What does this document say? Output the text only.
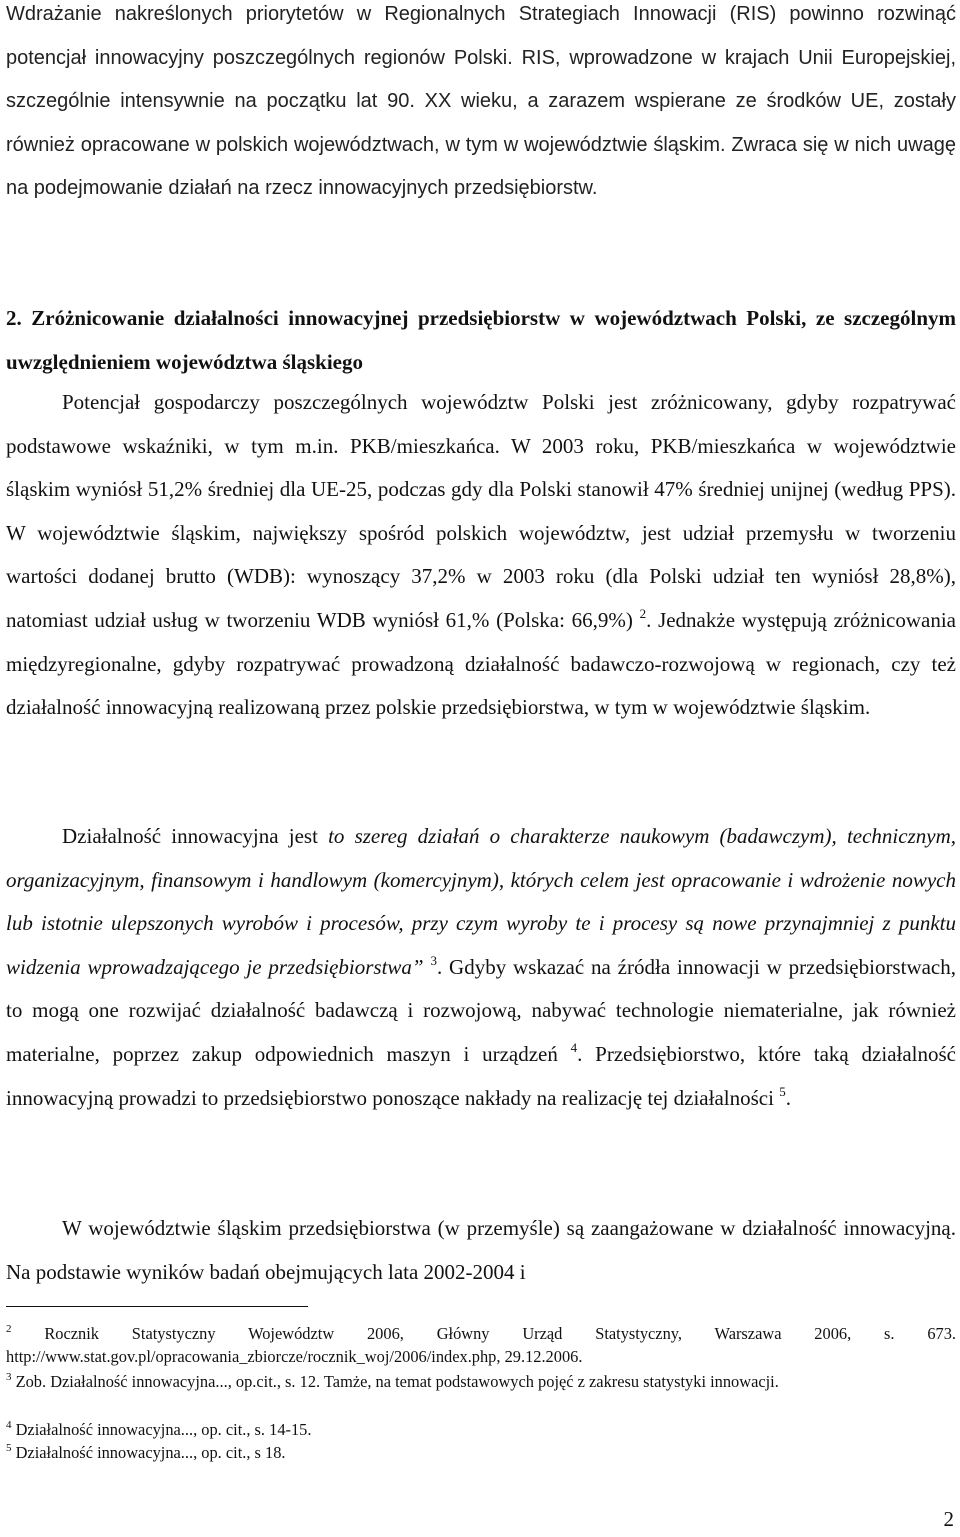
Wdrażanie nakreślonych priorytetów w Regionalnych Strategiach Innowacji (RIS) powinno rozwinąć potencjał innowacyjny poszczególnych regionów Polski. RIS, wprowadzone w krajach Unii Europejskiej, szczególnie intensywnie na początku lat 90. XX wieku, a zarazem wspierane ze środków UE, zostały również opracowane w polskich województwach, w tym w województwie śląskim. Zwraca się w nich uwagę na podejmowanie działań na rzecz innowacyjnych przedsiębiorstw.

2. Zróżnicowanie działalności innowacyjnej przedsiębiorstw w województwach Polski, ze szczególnym uwzględnieniem województwa śląskiego

Potencjał gospodarczy poszczególnych województw Polski jest zróżnicowany, gdyby rozpatrywać podstawowe wskaźniki, w tym m.in. PKB/mieszkańca. W 2003 roku, PKB/mieszkańca w województwie śląskim wyniósł 51,2% średniej dla UE-25, podczas gdy dla Polski stanowił 47% średniej unijnej (według PPS). W województwie śląskim, największy spośród polskich województw, jest udział przemysłu w tworzeniu wartości dodanej brutto (WDB): wynoszący 37,2% w 2003 roku (dla Polski udział ten wyniósł 28,8%), natomiast udział usług w tworzeniu WDB wyniósł 61,% (Polska: 66,9%) $^2$. Jednakże występują zróżnicowania międzyregionalne, gdyby rozpatrywać prowadzoną działalność badawczo-rozwojową w regionach, czy też działalność innowacyjną realizowaną przez polskie przedsiębiorstwa, w tym w województwie śląskim.

Działalność innowacyjna jest to szereg działań o charakterze naukowym (badawczym), technicznym, organizacyjnym, finansowym i handlowym (komercyjnym), których celem jest opracowanie i wdrożenie nowych lub istotnie ulepszonych wyrobów i procesów, przy czym wyroby te i procesy są nowe przynajmniej z punktu widzenia wprowadzającego je przedsiębiorstwa” $^3$. Gdyby wskazać na źródła innowacji w przedsiębiorstwach, to mogą one rozwijać działalność badawczą i rozwojową, nabywać technologie niematerialne, jak również materialne, poprzez zakup odpowiednich maszyn i urządzeń $^4$. Przedsiębiorstwo, które taką działalność innowacyjną prowadzi to przedsiębiorstwo ponoszące nakłady na realizację tej działalności $^5$.

W województwie śląskim przedsiębiorstwa (w przemyśle) są zaangażowane w działalność innowacyjną. Na podstawie wyników badań obejmujących lata 2002-2004 i

$^2$ Rocznik Statystyczny Województw 2006, Główny Urząd Statystyczny, Warszawa 2006, s. 673. http://www.stat.gov.pl/opracowania_zbiorcze/rocznik_woj/2006/index.php, 29.12.2006.

$^3$ Zob. Działalność innowacyjna..., op.cit., s. 12. Tamże, na temat podstawowych pojęć z zakresu statystyki innowacji.

$^4$ Działalność innowacyjna..., op. cit., s. 14-15.

$^5$ Działalność innowacyjna..., op. cit., s 18.

2
